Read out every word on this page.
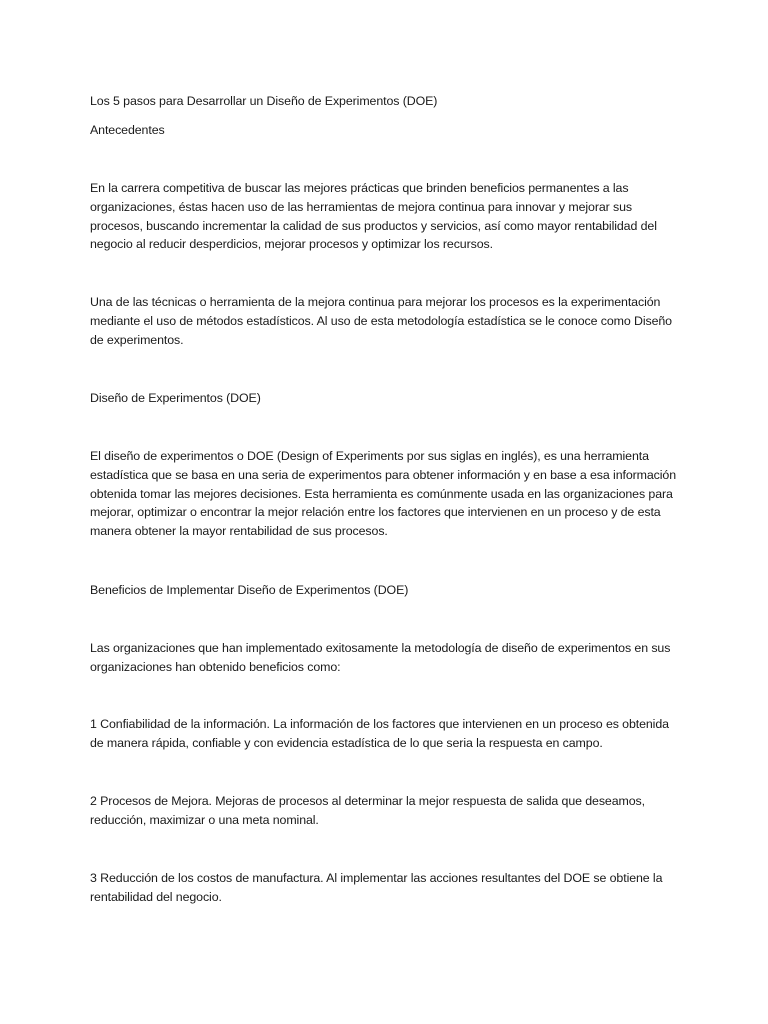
Los 5 pasos para Desarrollar un Diseño de Experimentos (DOE)

Antecedentes

En la carrera competitiva de buscar las mejores prácticas que brinden beneficios permanentes a las organizaciones, éstas hacen uso de las herramientas de mejora continua para innovar y mejorar sus procesos, buscando incrementar la calidad de sus productos y servicios, así como mayor rentabilidad del negocio al reducir desperdicios, mejorar procesos y optimizar los recursos.

Una de las técnicas o herramienta de la mejora continua para mejorar los procesos es la experimentación mediante el uso de métodos estadísticos. Al uso de esta metodología estadística se le conoce como Diseño de experimentos.

Diseño de Experimentos (DOE)

El diseño de experimentos o DOE (Design of Experiments por sus siglas en inglés), es una herramienta estadística que se basa en una seria de experimentos para obtener información y en base a esa información obtenida tomar las mejores decisiones. Esta herramienta es comúnmente usada en las organizaciones para mejorar, optimizar o encontrar la mejor relación entre los factores que intervienen en un proceso y de esta manera obtener la mayor rentabilidad de sus procesos.

Beneficios de Implementar Diseño de Experimentos (DOE)

Las organizaciones que han implementado exitosamente la metodología de diseño de experimentos en sus organizaciones han obtenido beneficios como:

1 Confiabilidad de la información. La información de los factores que intervienen en un proceso es obtenida de manera rápida, confiable y con evidencia estadística de lo que seria la respuesta en campo.

2 Procesos de Mejora. Mejoras de procesos al determinar la mejor respuesta de salida que deseamos, reducción, maximizar o una meta nominal.

3 Reducción de los costos de manufactura. Al implementar las acciones resultantes del DOE se obtiene la rentabilidad del negocio.
